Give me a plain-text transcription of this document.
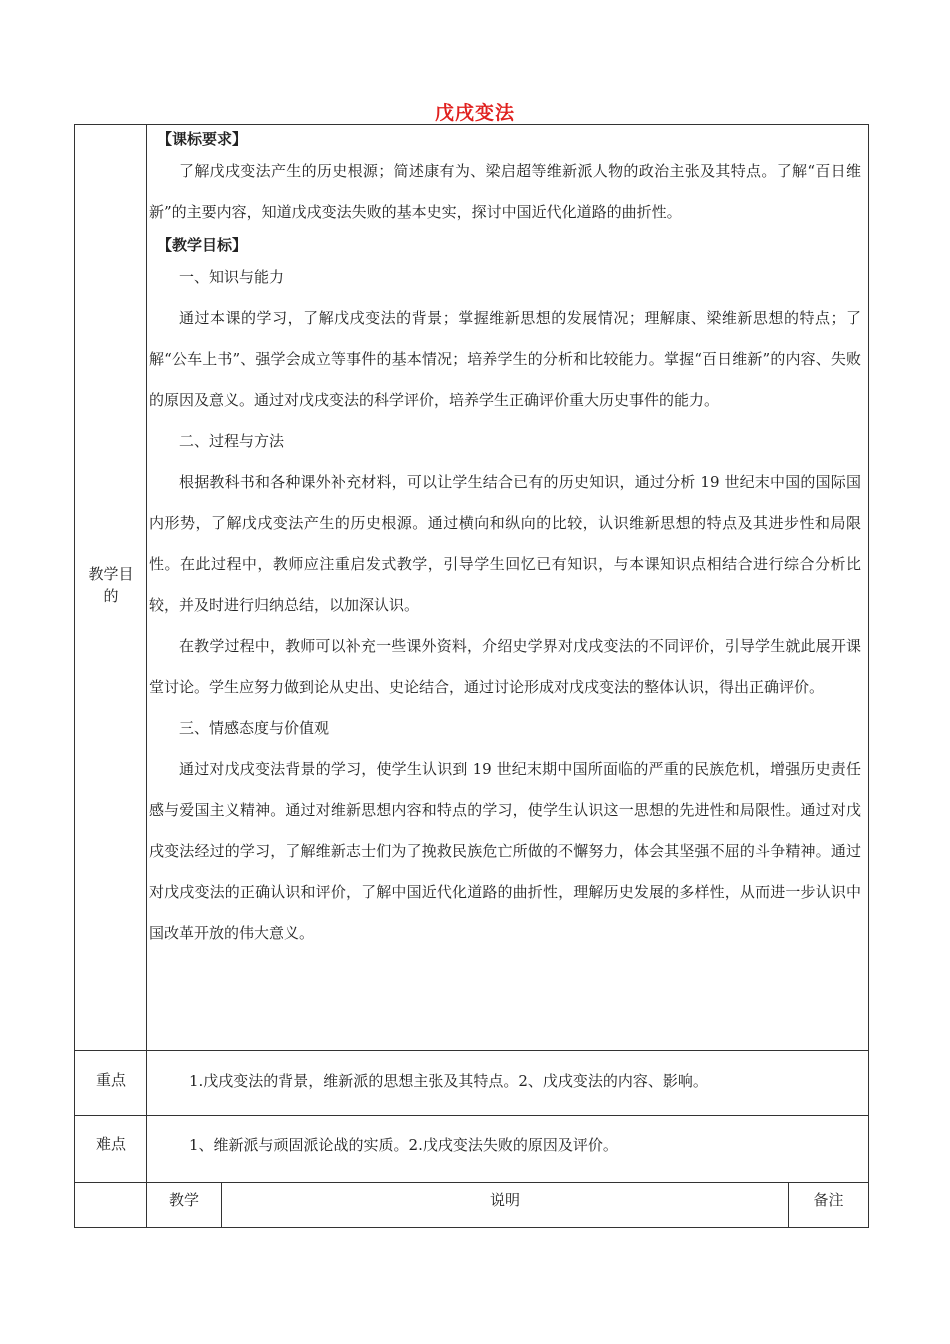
戊戌变法
教学目的

【课标要求】

了解戊戌变法产生的历史根源；简述康有为、梁启超等维新派人物的政治主张及其特点。了解“百日维新”的主要内容，知道戊戌变法失败的基本史实，探讨中国近代化道路的曲折性。

【教学目标】

一、知识与能力

通过本课的学习，了解戊戌变法的背景；掌握维新思想的发展情况；理解康、梁维新思想的特点；了解“公车上书”、强学会成立等事件的基本情况；培养学生的分析和比较能力。掌握“百日维新”的内容、失败的原因及意义。通过对戊戌变法的科学评价，培养学生正确评价重大历史事件的能力。

二、过程与方法

根据教科书和各种课外补充材料，可以让学生结合已有的历史知识，通过分析 19 世纪末中国的国际国内形势，了解戊戌变法产生的历史根源。通过横向和纵向的比较，认识维新思想的特点及其进步性和局限性。在此过程中，教师应注重启发式教学，引导学生回忆已有知识，与本课知识点相结合进行综合分析比较，并及时进行归纳总结，以加深认识。

在教学过程中，教师可以补充一些课外资料，介绍史学界对戊戌变法的不同评价，引导学生就此展开课堂讨论。学生应努力做到论从史出、史论结合，通过讨论形成对戊戌变法的整体认识，得出正确评价。

三、情感态度与价值观

通过对戊戌变法背景的学习，使学生认识到 19 世纪末期中国所面临的严重的民族危机，增强历史责任感与爱国主义精神。通过对维新思想内容和特点的学习，使学生认识这一思想的先进性和局限性。通过对戊戌变法经过的学习，了解维新志士们为了挽救民族危亡所做的不懈努力，体会其坚强不屈的斗争精神。通过对戊戌变法的正确认识和评价，了解中国近代化道路的曲折性，理解历史发展的多样性，从而进一步认识中国改革开放的伟大意义。

重点	1.戊戌变法的背景，维新派的思想主张及其特点。2、戊戌变法的内容、影响。
难点	1、维新派与顽固派论战的实质。2.戊戌变法失败的原因及评价。
教学	说明	备注
